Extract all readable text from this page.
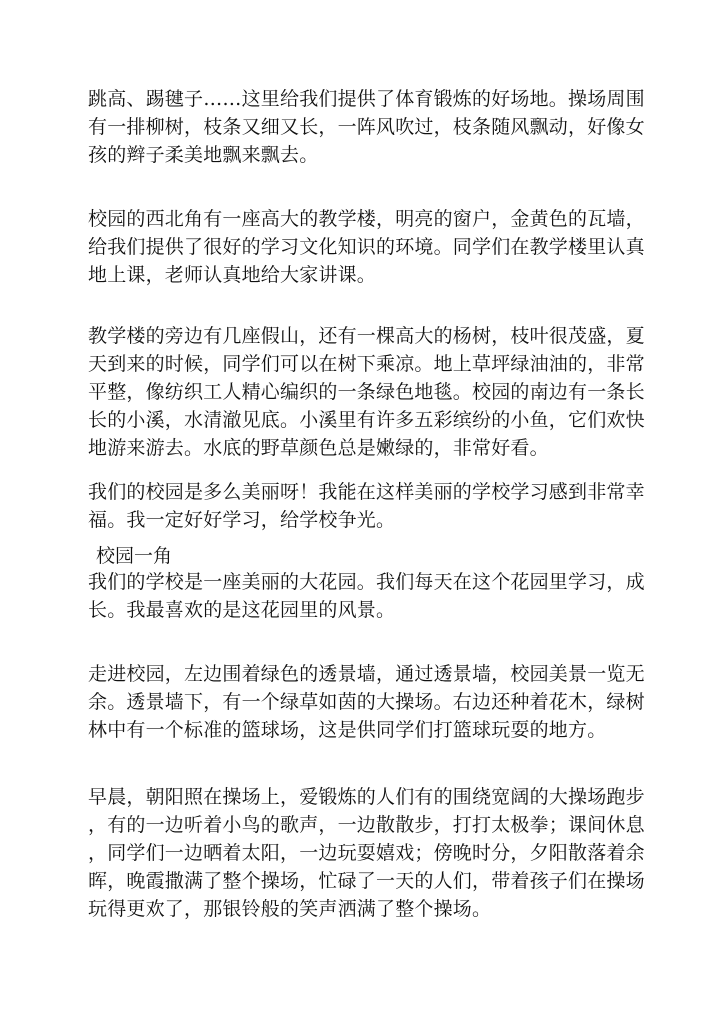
跳高、踢毽子……这里给我们提供了体育锻炼的好场地。操场周围
有一排柳树，枝条又细又长，一阵风吹过，枝条随风飘动，好像女
孩的辫子柔美地飘来飘去。
校园的西北角有一座高大的教学楼，明亮的窗户，金黄色的瓦墙，
给我们提供了很好的学习文化知识的环境。同学们在教学楼里认真
地上课，老师认真地给大家讲课。
教学楼的旁边有几座假山，还有一棵高大的杨树，枝叶很茂盛，夏
天到来的时候，同学们可以在树下乘凉。地上草坪绿油油的，非常
平整，像纺织工人精心编织的一条绿色地毯。校园的南边有一条长
长的小溪，水清澈见底。小溪里有许多五彩缤纷的小鱼，它们欢快
地游来游去。水底的野草颜色总是嫩绿的，非常好看。
我们的校园是多么美丽呀！我能在这样美丽的学校学习感到非常幸
福。我一定好好学习，给学校争光。
校园一角
我们的学校是一座美丽的大花园。我们每天在这个花园里学习，成
长。我最喜欢的是这花园里的风景。
走进校园，左边围着绿色的透景墙，通过透景墙，校园美景一览无
余。透景墙下，有一个绿草如茵的大操场。右边还种着花木，绿树
林中有一个标准的篮球场，这是供同学们打篮球玩耍的地方。
早晨，朝阳照在操场上，爱锻炼的人们有的围绕宽阔的大操场跑步
，有的一边听着小鸟的歌声，一边散散步，打打太极拳；课间休息
，同学们一边晒着太阳，一边玩耍嬉戏；傍晚时分，夕阳散落着余
晖，晚霞撒满了整个操场，忙碌了一天的人们，带着孩子们在操场
玩得更欢了，那银铃般的笑声洒满了整个操场。
